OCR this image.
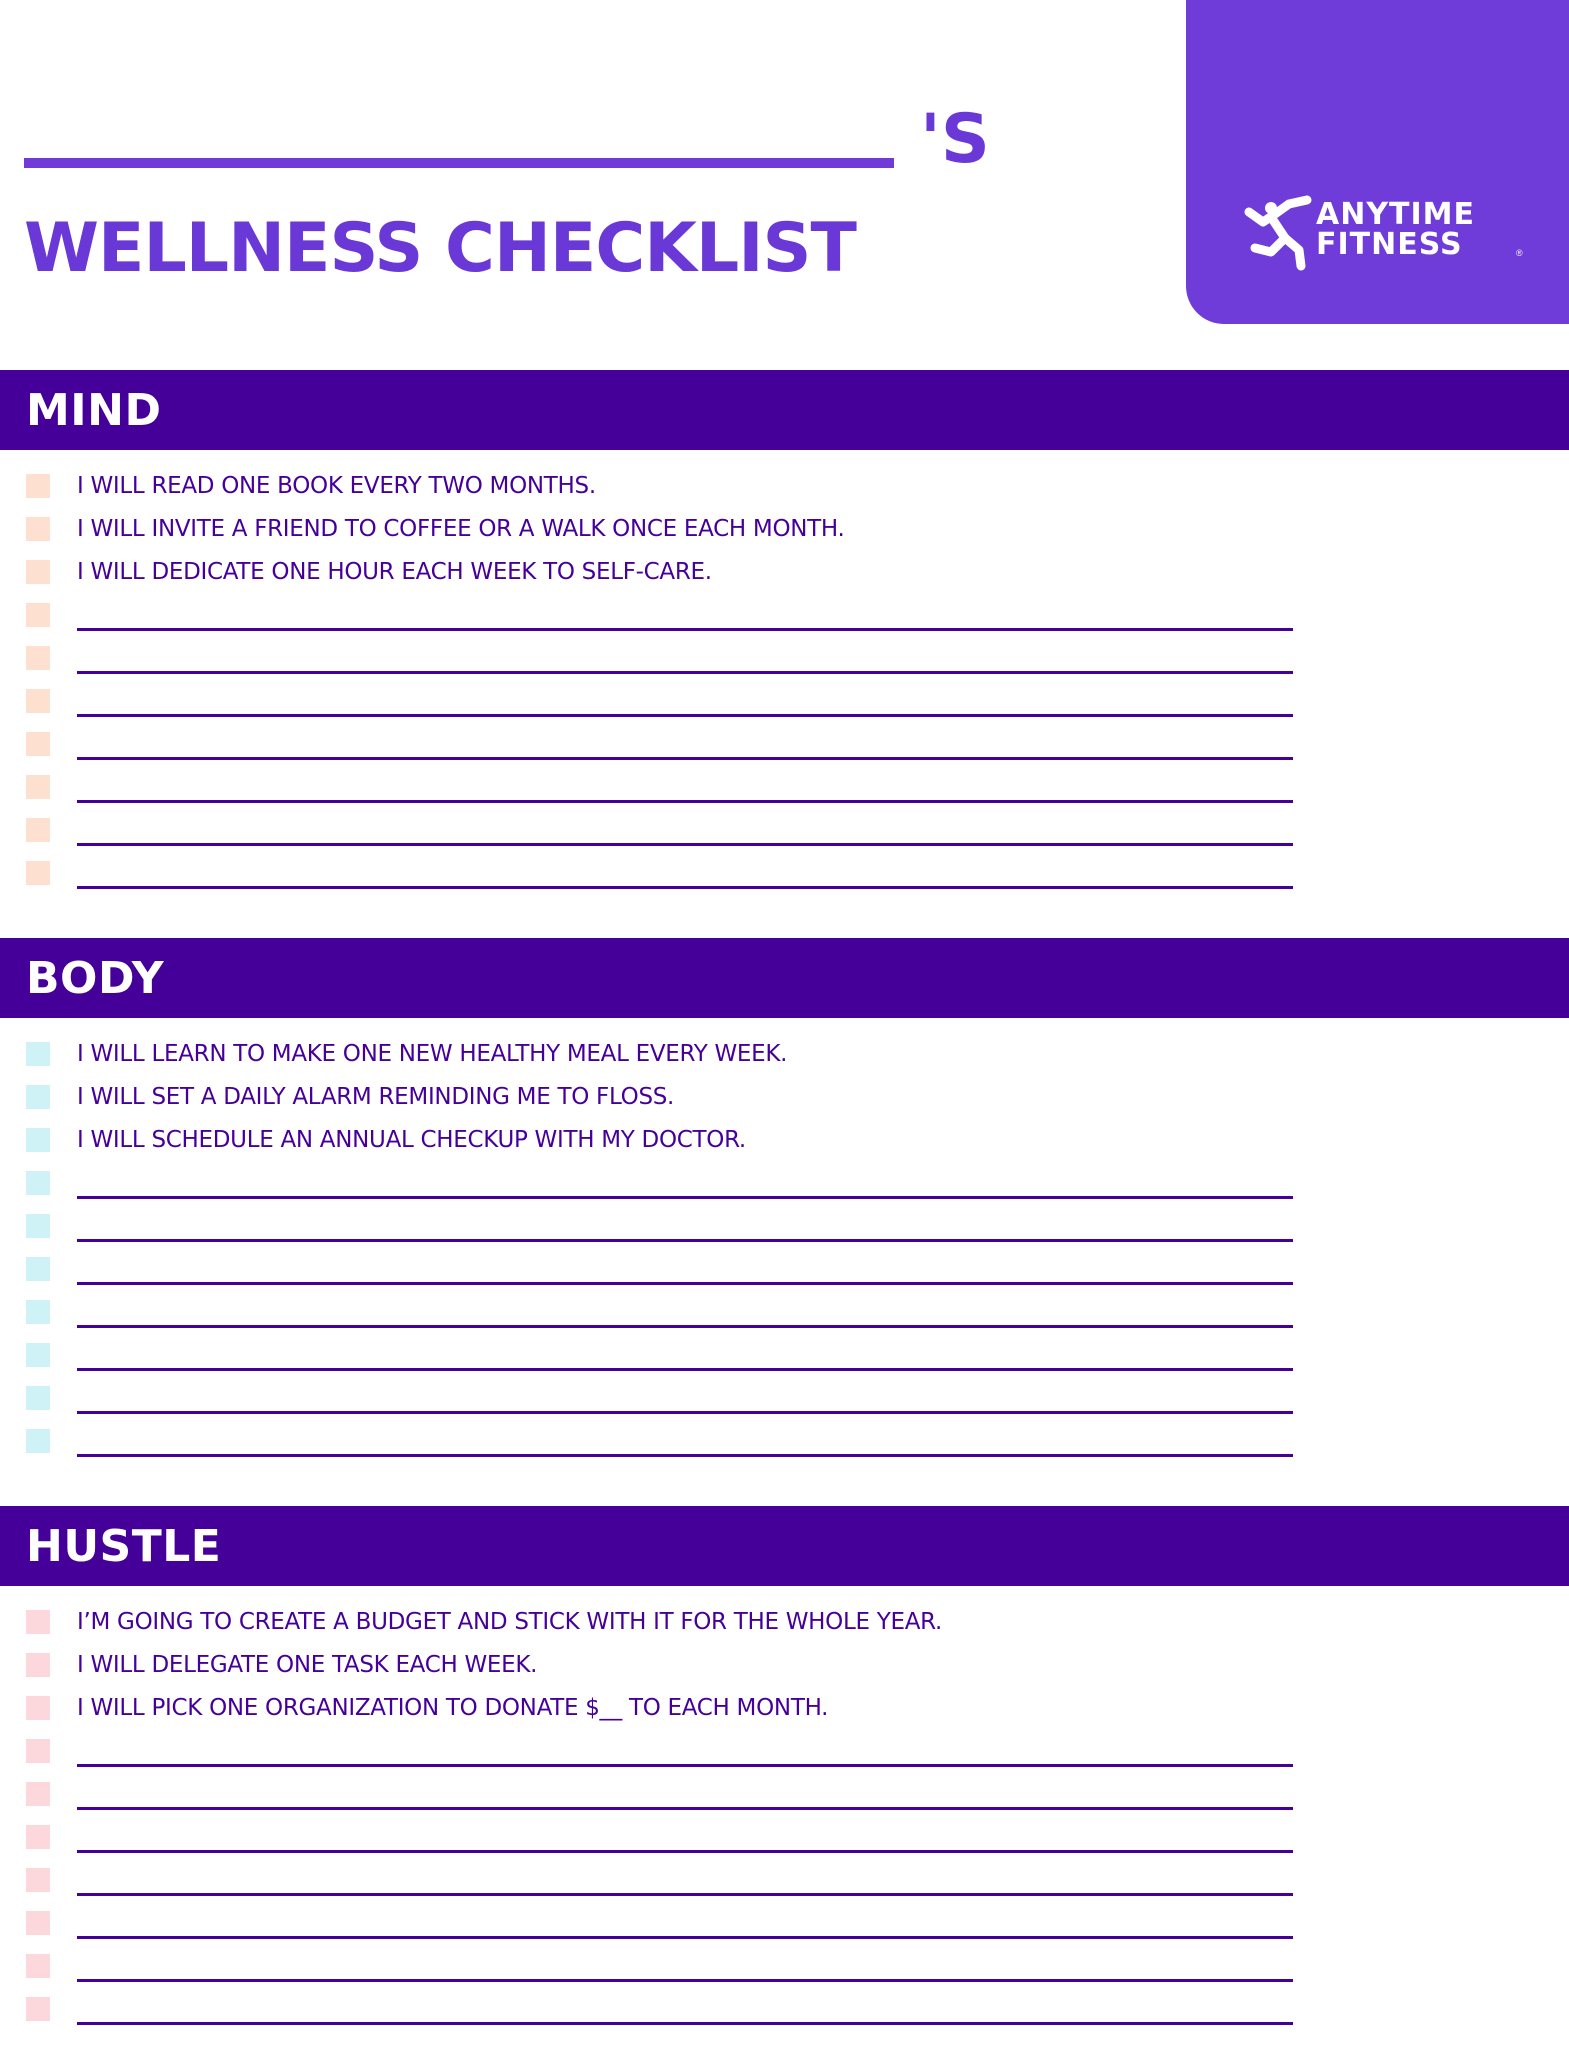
'S
WELLNESS CHECKLIST	ANYTIME
FITNESS	®
MIND
I WILL READ ONE BOOK EVERY TWO MONTHS.
I WILL INVITE A FRIEND TO COFFEE OR A WALK ONCE EACH MONTH.
I WILL DEDICATE ONE HOUR EACH WEEK TO SELF-CARE.
BODY
I WILL LEARN TO MAKE ONE NEW HEALTHY MEAL EVERY WEEK.
I WILL SET A DAILY ALARM REMINDING ME TO FLOSS.
I WILL SCHEDULE AN ANNUAL CHECKUP WITH MY DOCTOR.
HUSTLE
I’M GOING TO CREATE A BUDGET AND STICK WITH IT FOR THE WHOLE YEAR.
I WILL DELEGATE ONE TASK EACH WEEK.
I WILL PICK ONE ORGANIZATION TO DONATE $__ TO EACH MONTH.
